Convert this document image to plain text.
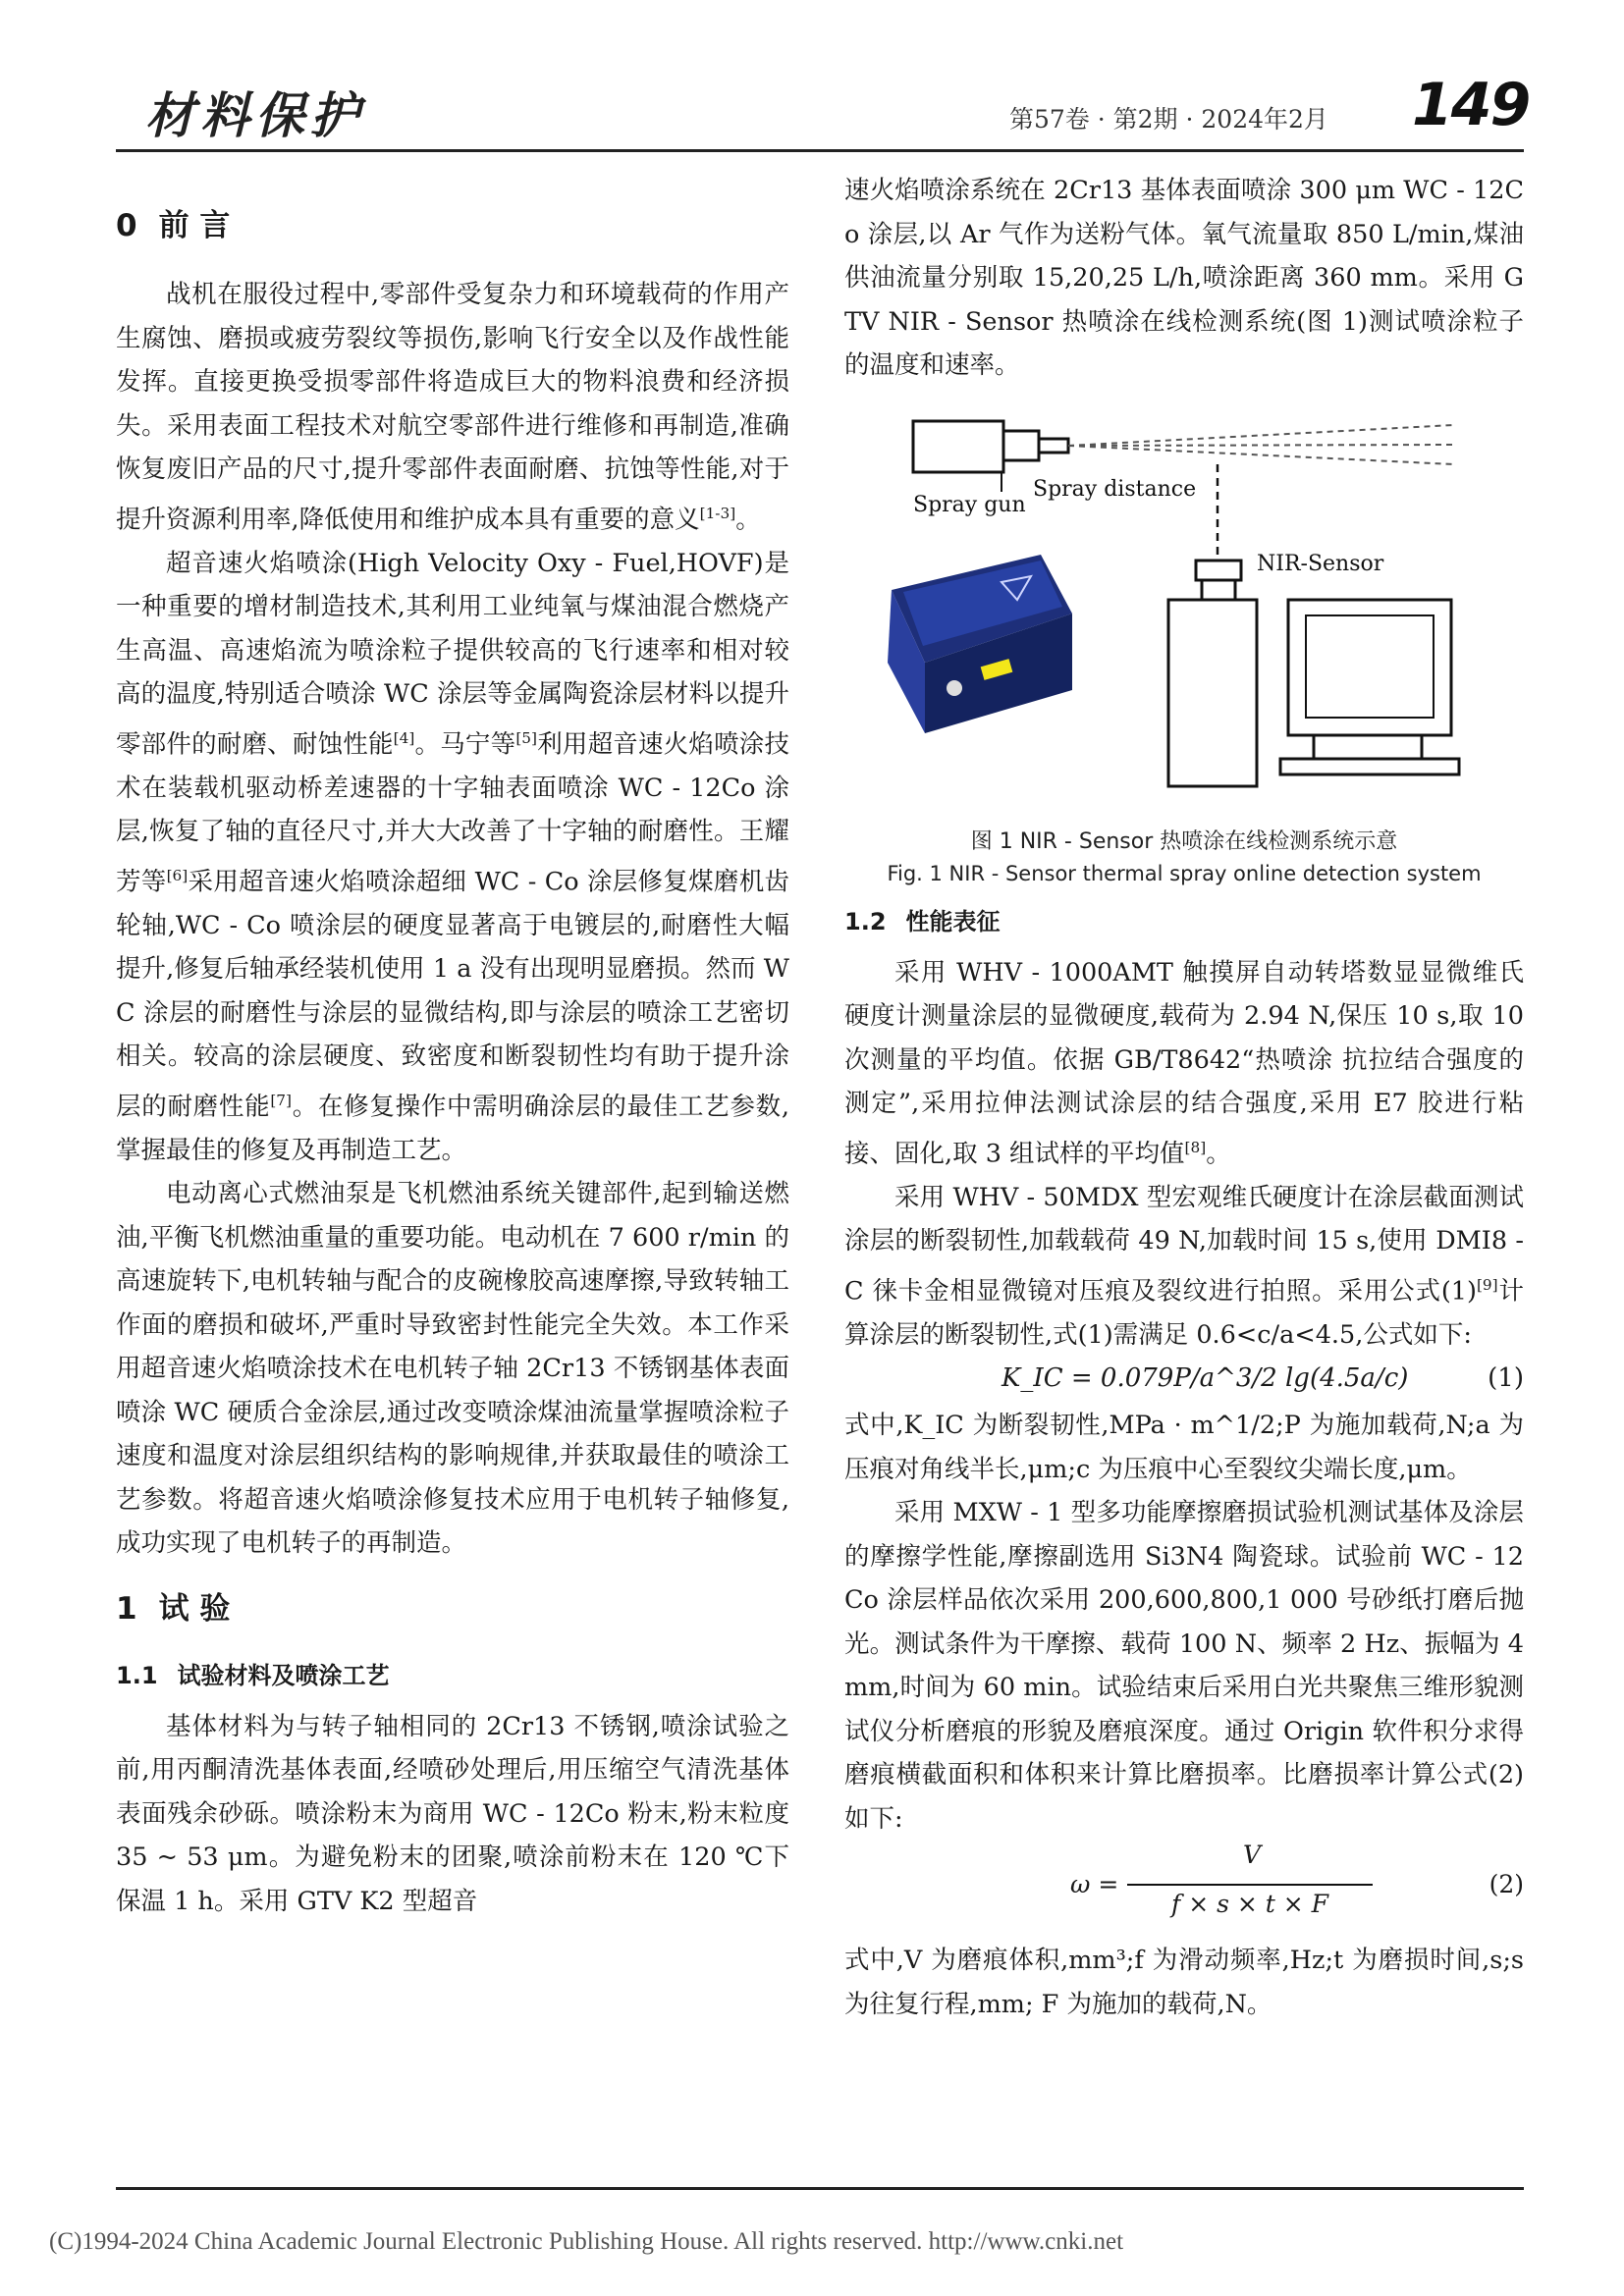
材料保护	第57卷 · 第2期 · 2024年2月 149
0 前 言

战机在服役过程中,零部件受复杂力和环境载荷的作用产生腐蚀、磨损或疲劳裂纹等损伤,影响飞行安全以及作战性能发挥。直接更换受损零部件将造成巨大的物料浪费和经济损失。采用表面工程技术对航空零部件进行维修和再制造,准确恢复废旧产品的尺寸,提升零部件表面耐磨、抗蚀等性能,对于提升资源利用率,降低使用和维护成本具有重要的意义[1-3]。

超音速火焰喷涂(High Velocity Oxy - Fuel,HOVF)是一种重要的增材制造技术,其利用工业纯氧与煤油混合燃烧产生高温、高速焰流为喷涂粒子提供较高的飞行速率和相对较高的温度,特别适合喷涂 WC 涂层等金属陶瓷涂层材料以提升零部件的耐磨、耐蚀性能[4]。马宁等[5]利用超音速火焰喷涂技术在装载机驱动桥差速器的十字轴表面喷涂 WC - 12Co 涂层,恢复了轴的直径尺寸,并大大改善了十字轴的耐磨性。王耀芳等[6]采用超音速火焰喷涂超细 WC - Co 涂层修复煤磨机齿轮轴,WC - Co 喷涂层的硬度显著高于电镀层的,耐磨性大幅提升,修复后轴承经装机使用 1 a 没有出现明显磨损。然而 WC 涂层的耐磨性与涂层的显微结构,即与涂层的喷涂工艺密切相关。较高的涂层硬度、致密度和断裂韧性均有助于提升涂层的耐磨性能[7]。在修复操作中需明确涂层的最佳工艺参数,掌握最佳的修复及再制造工艺。

电动离心式燃油泵是飞机燃油系统关键部件,起到输送燃油,平衡飞机燃油重量的重要功能。电动机在 7 600 r/min 的高速旋转下,电机转轴与配合的皮碗橡胶高速摩擦,导致转轴工作面的磨损和破坏,严重时导致密封性能完全失效。本工作采用超音速火焰喷涂技术在电机转子轴 2Cr13 不锈钢基体表面喷涂 WC 硬质合金涂层,通过改变喷涂煤油流量掌握喷涂粒子速度和温度对涂层组织结构的影响规律,并获取最佳的喷涂工艺参数。将超音速火焰喷涂修复技术应用于电机转子轴修复,成功实现了电机转子的再制造。

1 试 验
1.1 试验材料及喷涂工艺

基体材料为与转子轴相同的 2Cr13 不锈钢,喷涂试验之前,用丙酮清洗基体表面,经喷砂处理后,用压缩空气清洗基体表面残余砂砾。喷涂粉末为商用 WC - 12Co 粉末,粉末粒度 35 ~ 53 μm。为避免粉末的团聚,喷涂前粉末在 120 ℃下保温 1 h。采用 GTV K2 型超音

速火焰喷涂系统在 2Cr13 基体表面喷涂 300 μm WC - 12Co 涂层,以 Ar 气作为送粉气体。氧气流量取 850 L/min,煤油供油流量分别取 15,20,25 L/h,喷涂距离 360 mm。采用 GTV NIR - Sensor 热喷涂在线检测系统(图 1)测试喷涂粒子的温度和速率。

Spray gun
Spray distance
NIR-Sensor
图 1 NIR - Sensor 热喷涂在线检测系统示意
Fig. 1 NIR - Sensor thermal spray online detection system
1.2 性能表征

采用 WHV - 1000AMT 触摸屏自动转塔数显显微维氏硬度计测量涂层的显微硬度,载荷为 2.94 N,保压 10 s,取 10 次测量的平均值。依据 GB/T8642“热喷涂 抗拉结合强度的测定”,采用拉伸法测试涂层的结合强度,采用 E7 胶进行粘接、固化,取 3 组试样的平均值[8]。

采用 WHV - 50MDX 型宏观维氏硬度计在涂层截面测试涂层的断裂韧性,加载载荷 49 N,加载时间 15 s,使用 DMI8 - C 徕卡金相显微镜对压痕及裂纹进行拍照。采用公式(1)[9]计算涂层的断裂韧性,式(1)需满足 0.6<c/a<4.5,公式如下:

K_IC = 0.079P/a^3/2 lg(4.5a/c)	(1)

式中,K_IC 为断裂韧性,MPa · m^1/2;P 为施加载荷,N;a 为压痕对角线半长,μm;c 为压痕中心至裂纹尖端长度,μm。

采用 MXW - 1 型多功能摩擦磨损试验机测试基体及涂层的摩擦学性能,摩擦副选用 Si3N4 陶瓷球。试验前 WC - 12Co 涂层样品依次采用 200,600,800,1 000 号砂纸打磨后抛光。测试条件为干摩擦、载荷 100 N、频率 2 Hz、振幅为 4 mm,时间为 60 min。试验结束后采用白光共聚焦三维形貌测试仪分析磨痕的形貌及磨痕深度。通过 Origin 软件积分求得磨痕横截面积和体积来计算比磨损率。比磨损率计算公式(2)如下:

ω =
V
f × s × t × F
(2)

式中,V 为磨痕体积,mm³;f 为滑动频率,Hz;t 为磨损时间,s;s 为往复行程,mm; F 为施加的载荷,N。

(C)1994-2024 China Academic Journal Electronic Publishing House. All rights reserved. http://www.cnki.net
